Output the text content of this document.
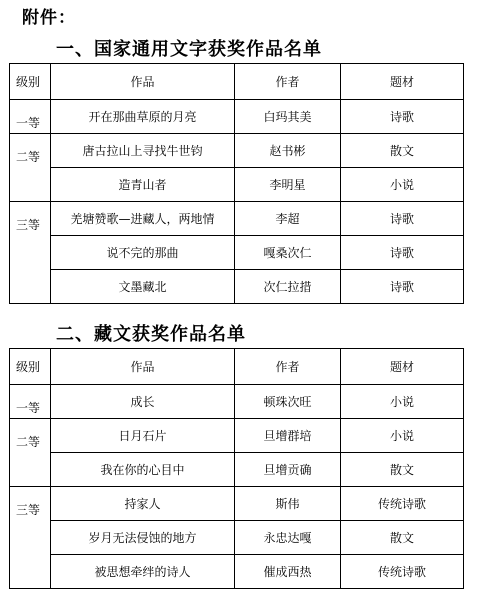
附件：
一、国家通用文字获奖作品名单
级别	作品	作者	题材
一等	开在那曲草原的月亮	白玛其美	诗歌
二等	唐古拉山上寻找牛世钧	赵书彬	散文
	造青山者	李明星	小说
三等	羌塘赞歌—进藏人，两地情	李超	诗歌
	说不完的那曲	嘎桑次仁	诗歌
	文墨藏北	次仁拉措	诗歌
二、藏文获奖作品名单
级别	作品	作者	题材
一等	成长	顿珠次旺	小说
二等	日月石片	旦增群培	小说
	我在你的心目中	旦增贡确	散文
三等	持家人	斯伟	传统诗歌
	岁月无法侵蚀的地方	永忠达嘎	散文
	被思想牵绊的诗人	催成西热	传统诗歌
